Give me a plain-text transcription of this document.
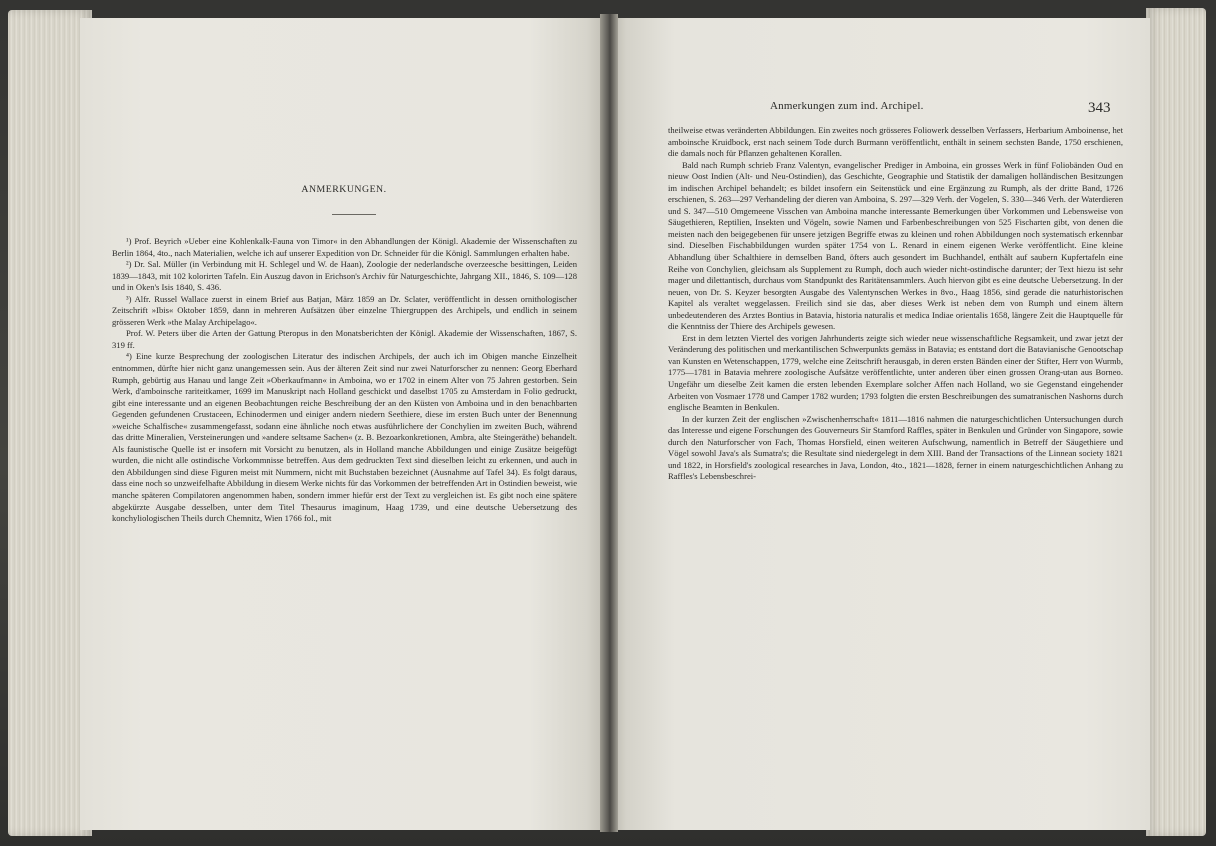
ANMERKUNGEN.

¹) Prof. Beyrich »Ueber eine Kohlenkalk-Fauna von Timor« in den Abhandlungen der Königl. Akademie der Wissenschaften zu Berlin 1864, 4to., nach Materialien, welche ich auf unserer Expedition von Dr. Schneider für die Königl. Sammlungen erhalten habe.

²) Dr. Sal. Müller (in Verbindung mit H. Schlegel und W. de Haan), Zoologie der nederlandsche overzeesche besittingen, Leiden 1839—1843, mit 102 kolorirten Tafeln. Ein Auszug davon in Erichson's Archiv für Naturgeschichte, Jahrgang XII., 1846, S. 109—128 und in Oken's Isis 1840, S. 436.

³) Alfr. Russel Wallace zuerst in einem Brief aus Batjan, März 1859 an Dr. Sclater, veröffentlicht in dessen ornithologischer Zeitschrift »Ibis« Oktober 1859, dann in mehreren Aufsätzen über einzelne Thiergruppen des Archipels, und endlich in seinem grösseren Werk »the Malay Archipelago«.

Prof. W. Peters über die Arten der Gattung Pteropus in den Monatsberichten der Königl. Akademie der Wissenschaften, 1867, S. 319 ff.

⁴) Eine kurze Besprechung der zoologischen Literatur des indischen Archipels, der auch ich im Obigen manche Einzelheit entnommen, dürfte hier nicht ganz unangemessen sein. Aus der älteren Zeit sind nur zwei Naturforscher zu nennen: Georg Eberhard Rumph, gebürtig aus Hanau und lange Zeit »Oberkaufmann« in Amboina, wo er 1702 in einem Alter von 75 Jahren gestorben. Sein Werk, d'amboinsche rariteitkamer, 1699 im Manuskript nach Holland geschickt und daselbst 1705 zu Amsterdam in Folio gedruckt, gibt eine interessante und an eigenen Beobachtungen reiche Beschreibung der an den Küsten von Amboina und in den benachbarten Gegenden gefundenen Crustaceen, Echinodermen und einiger andern niedern Seethiere, diese im ersten Buch unter der Benennung »weiche Schalfische« zusammengefasst, sodann eine ähnliche noch etwas ausführlichere der Conchylien im zweiten Buch, während das dritte Mineralien, Versteinerungen und »andere seltsame Sachen« (z. B. Bezoarkonkretionen, Ambra, alte Steingeräthe) behandelt. Als faunistische Quelle ist er insofern mit Vorsicht zu benutzen, als in Holland manche Abbildungen und einige Zusätze beigefügt wurden, die nicht alle ostindische Vorkommnisse betreffen. Aus dem gedruckten Text sind dieselben leicht zu erkennen, und auch in den Abbildungen sind diese Figuren meist mit Nummern, nicht mit Buchstaben bezeichnet (Ausnahme auf Tafel 34). Es folgt daraus, dass eine noch so unzweifelhafte Abbildung in diesem Werke nichts für das Vorkommen der betreffenden Art in Ostindien beweist, wie manche späteren Compilatoren angenommen haben, sondern immer hiefür erst der Text zu vergleichen ist. Es gibt noch eine spätere abgekürzte Ausgabe desselben, unter dem Titel Thesaurus imaginum, Haag 1739, und eine deutsche Uebersetzung des konchyliologischen Theils durch Chemnitz, Wien 1766 fol., mit

Anmerkungen zum ind. Archipel.	343

theilweise etwas veränderten Abbildungen. Ein zweites noch grösseres Foliowerk desselben Verfassers, Herbarium Amboinense, het amboinsche Kruidbock, erst nach seinem Tode durch Burmann veröffentlicht, enthält in seinem sechsten Bande, 1750 erschienen, die damals noch für Pflanzen gehaltenen Korallen.

Bald nach Rumph schrieb Franz Valentyn, evangelischer Prediger in Amboina, ein grosses Werk in fünf Foliobänden Oud en nieuw Oost Indien (Alt- und Neu-Ostindien), das Geschichte, Geographie und Statistik der damaligen holländischen Besitzungen im indischen Archipel behandelt; es bildet insofern ein Seitenstück und eine Ergänzung zu Rumph, als der dritte Band, 1726 erschienen, S. 263—297 Verhandeling der dieren van Amboina, S. 297—329 Verh. der Vogelen, S. 330—346 Verh. der Waterdieren und S. 347—510 Omgemeene Visschen van Amboina manche interessante Bemerkungen über Vorkommen und Lebensweise von Säugethieren, Reptilien, Insekten und Vögeln, sowie Namen und Farbenbeschreibungen von 525 Fischarten gibt, von denen die meisten nach den beigegebenen für unsere jetzigen Begriffe etwas zu kleinen und rohen Abbildungen noch systematisch erkennbar sind. Dieselben Fischabbildungen wurden später 1754 von L. Renard in einem eigenen Werke veröffentlicht. Eine kleine Abhandlung über Schalthiere in demselben Band, öfters auch gesondert im Buchhandel, enthält auf saubern Kupfertafeln eine Reihe von Conchylien, gleichsam als Supplement zu Rumph, doch auch wieder nicht-ostindische darunter; der Text hiezu ist sehr mager und dilettantisch, durchaus vom Standpunkt des Raritätensammlers. Auch hiervon gibt es eine deutsche Uebersetzung. In der neuen, von Dr. S. Keyzer besorgten Ausgabe des Valentynschen Werkes in 8vo., Haag 1856, sind gerade die naturhistorischen Kapitel als veraltet weggelassen. Freilich sind sie das, aber dieses Werk ist neben dem von Rumph und einem ältern unbedeutenderen des Arztes Bontius in Batavia, historia naturalis et medica Indiae orientalis 1658, längere Zeit die Hauptquelle für die Kenntniss der Thiere des Archipels gewesen.

Erst in dem letzten Viertel des vorigen Jahrhunderts zeigte sich wieder neue wissenschaftliche Regsamkeit, und zwar jetzt der Veränderung des politischen und merkantilischen Schwerpunkts gemäss in Batavia; es entstand dort die Batavianische Genootschap van Kunsten en Wetenschappen, 1779, welche eine Zeitschrift herausgab, in deren ersten Bänden einer der Stifter, Herr von Wurmb, 1775—1781 in Batavia mehrere zoologische Aufsätze veröffentlichte, unter anderen über einen grossen Orang-utan aus Borneo. Ungefähr um dieselbe Zeit kamen die ersten lebenden Exemplare solcher Affen nach Holland, wo sie Gegenstand eingehender Arbeiten von Vosmaer 1778 und Camper 1782 wurden; 1793 folgten die ersten Beschreibungen des sumatranischen Nashorns durch englische Beamten in Benkulen.

In der kurzen Zeit der englischen »Zwischenherrschaft« 1811—1816 nahmen die naturgeschichtlichen Untersuchungen durch das Interesse und eigene Forschungen des Gouverneurs Sir Stamford Raffles, später in Benkulen und Gründer von Singapore, sowie durch den Naturforscher von Fach, Thomas Horsfield, einen weiteren Aufschwung, namentlich in Betreff der Säugethiere und Vögel sowohl Java's als Sumatra's; die Resultate sind niedergelegt in dem XIII. Band der Transactions of the Linnean society 1821 und 1822, in Horsfield's zoological researches in Java, London, 4to., 1821—1828, ferner in einem naturgeschichtlichen Anhang zu Raffles's Lebensbeschrei-
